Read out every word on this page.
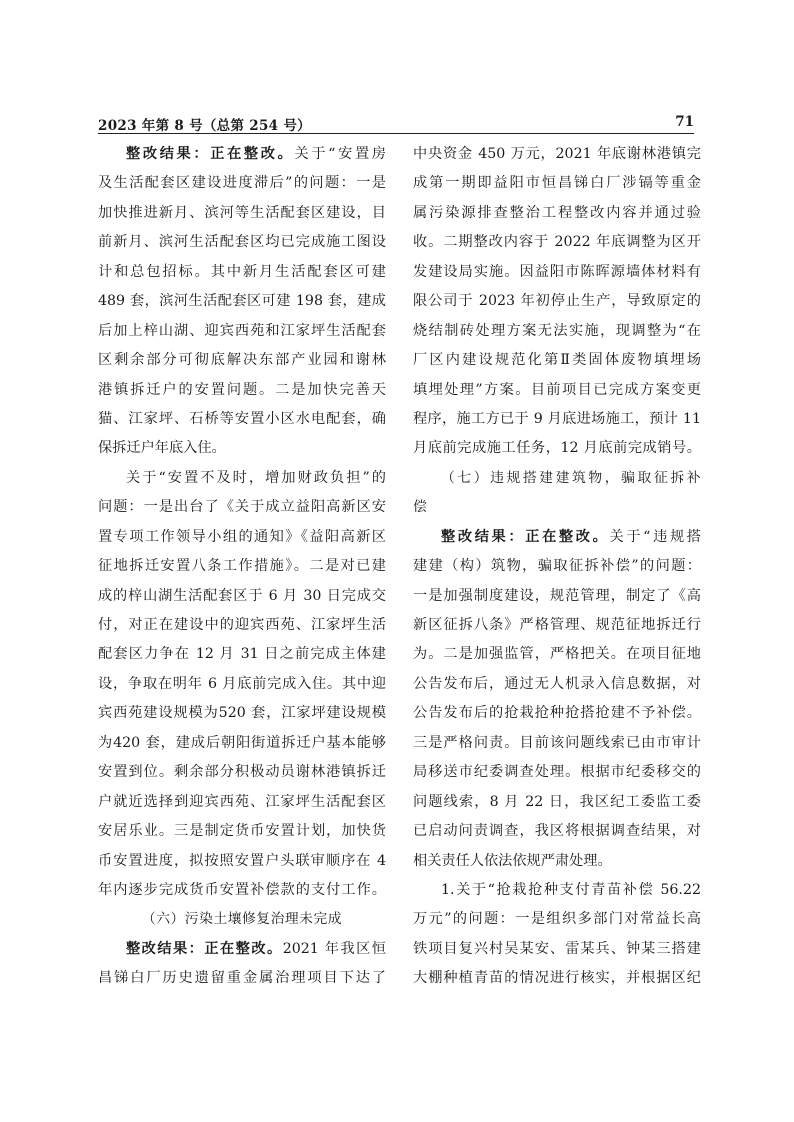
2023 年第 8 号（总第 254 号）	71
整改结果：正在整改。关于“安置房
及生活配套区建设进度滞后”的问题：一是
加快推进新月、滨河等生活配套区建设，目
前新月、滨河生活配套区均已完成施工图设
计和总包招标。其中新月生活配套区可建
489 套，滨河生活配套区可建 198 套，建成
后加上梓山湖、迎宾西苑和江家坪生活配套
区剩余部分可彻底解决东部产业园和谢林
港镇拆迁户的安置问题。二是加快完善天
猫、江家坪、石桥等安置小区水电配套，确
保拆迁户年底入住。
关于“安置不及时，增加财政负担”的
问题：一是出台了《关于成立益阳高新区安
置专项工作领导小组的通知》《益阳高新区
征地拆迁安置八条工作措施》。二是对已建
成的梓山湖生活配套区于 6 月 30 日完成交
付，对正在建设中的迎宾西苑、江家坪生活
配套区力争在 12 月 31 日之前完成主体建
设，争取在明年 6 月底前完成入住。其中迎
宾西苑建设规模为520 套，江家坪建设规模
为420 套，建成后朝阳街道拆迁户基本能够
安置到位。剩余部分积极动员谢林港镇拆迁
户就近选择到迎宾西苑、江家坪生活配套区
安居乐业。三是制定货币安置计划，加快货
币安置进度，拟按照安置户头联审顺序在 4
年内逐步完成货币安置补偿款的支付工作。
（六）污染土壤修复治理未完成
整改结果：正在整改。2021 年我区恒
昌锑白厂历史遗留重金属治理项目下达了
中央资金 450 万元，2021 年底谢林港镇完
成第一期即益阳市恒昌锑白厂涉镉等重金
属污染源排查整治工程整改内容并通过验
收。二期整改内容于 2022 年底调整为区开
发建设局实施。因益阳市陈晖源墙体材料有
限公司于 2023 年初停止生产，导致原定的
烧结制砖处理方案无法实施，现调整为“在
厂区内建设规范化第Ⅱ类固体废物填埋场
填埋处理”方案。目前项目已完成方案变更
程序，施工方已于 9 月底进场施工，预计 11
月底前完成施工任务，12 月底前完成销号。
（七）违规搭建建筑物，骗取征拆补
偿
整改结果：正在整改。关于“违规搭
建建（构）筑物，骗取征拆补偿”的问题：
一是加强制度建设，规范管理，制定了《高
新区征拆八条》严格管理、规范征地拆迁行
为。二是加强监管，严格把关。在项目征地
公告发布后，通过无人机录入信息数据，对
公告发布后的抢栽抢种抢搭抢建不予补偿。
三是严格问责。目前该问题线索已由市审计
局移送市纪委调查处理。根据市纪委移交的
问题线索，8 月 22 日，我区纪工委监工委
已启动问责调查，我区将根据调查结果，对
相关责任人依法依规严肃处理。
1.关于“抢栽抢种支付青苗补偿 56.22
万元”的问题：一是组织多部门对常益长高
铁项目复兴村吴某安、雷某兵、钟某三搭建
大棚种植青苗的情况进行核实，并根据区纪
